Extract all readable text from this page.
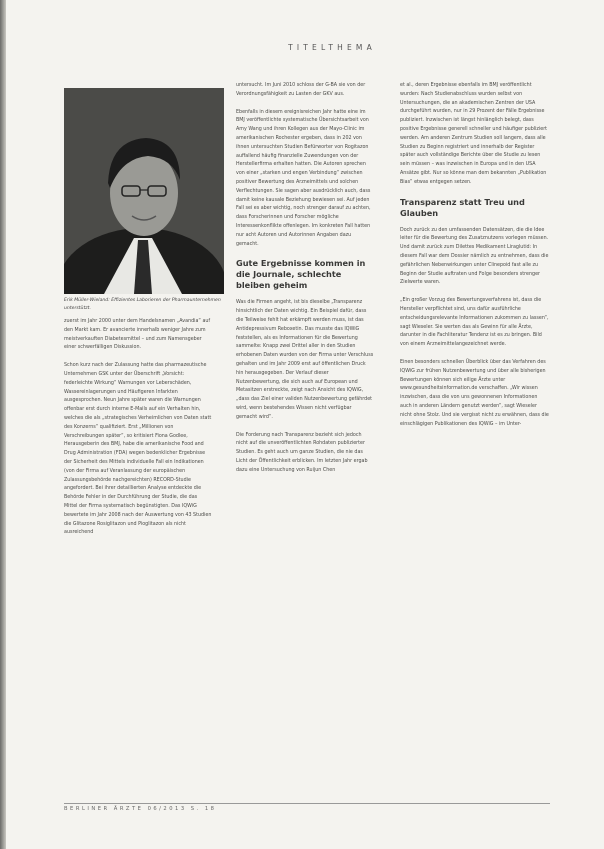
TITELTHEMA
Erik Müller-Wieland: Effizientes Laborieren der Pharmaunternehmen unterstützt.

zuerst im Jahr 2000 unter dem Handelsnamen „Avandia“ auf den Markt kam. Er avancierte innerhalb weniger Jahre zum meistverkauften Diabetesmittel – und zum Namensgeber einer schwerfälligen Diskussion.

Schon kurz nach der Zulassung hatte das pharmazeutische Unternehmen GSK unter der Überschrift „Vorsicht: federleichte Wirkung“ Warnungen vor Leberschäden, Wassereinlagerungen und Häufigeren Infarkten ausgesprochen. Neun Jahre später waren die Warnungen offenbar erst durch interne E-Mails auf ein Verhalten hin, welches die als „strategisches Verheimlichen von Daten statt des Konzerns“ qualifiziert. Erst „Millionen von Verschreibungen später“, so kritisiert Fiona Godlee, Herausgeberin des BMJ, habe die amerikanische Food and Drug Administration (FDA) wegen bedenklicher Ergebnisse der Sicherheit des Mittels individuelle Fall ein Indikationen (von der Firma auf Veranlassung der europäischen Zulassungsbehörde nachgereichten) RECORD-Studie angefordert. Bei ihrer detaillierten Analyse entdeckte die Behörde Fehler in der Durchführung der Studie, die das Mittel der Firma systematisch begünstigten. Das IQWiG bewertete im Jahr 2008 nach der Auswertung von 43 Studien die Glitazone Rosiglitazon und Pioglitazon als nicht ausreichend

untersucht. Im Juni 2010 schloss der G-BA sie von der Verordnungsfähigkeit zu Lasten der GKV aus.

Ebenfalls in diesem ereignisreichen Jahr hatte eine im BMJ veröffentlichte systematische Übersichtsarbeit von Amy Wang und ihren Kollegen aus der Mayo-Clinic im amerikanischen Rochester ergeben, dass in 202 von ihnen untersuchten Studien Befürworter von Rogitazon auffallend häufig finanzielle Zuwendungen von der Herstellerfirma erhalten hatten. Die Autoren sprechen von einer „starken und engen Verbindung“ zwischen positiver Bewertung des Arzneimittels und solchen Verflechtungen. Sie sagen aber ausdrücklich auch, dass damit keine kausale Beziehung bewiesen sei. Auf jeden Fall sei es aber wichtig, noch strenger darauf zu achten, dass Forscherinnen und Forscher mögliche Interessenkonflikte offenlegen. Im konkreten Fall hatten nur acht Autoren und Autorinnen Angaben dazu gemacht.

Gute Ergebnisse kommen in die Journale, schlechte bleiben geheim

Was die Firmen angeht, ist bis dieselbe „Transparenz hinsichtlich der Daten wichtig. Ein Beispiel dafür, dass die Teilweise fehlt hat erkämpft werden muss, ist das Antidepressivum Reboxetin. Das musste das IQWiG feststellen, als es Informationen für die Bewertung sammelte: Knapp zwei Drittel aller in den Studien erhobenen Daten wurden von der Firma unter Verschluss gehalten und im Jahr 2009 erst auf öffentlichen Druck hin herausgegeben. Der Verlauf dieser Nutzenbewertung, die sich auch auf European und Metasitzen erstreckte, zeigt nach Ansicht des IQWiG, „dass das Ziel einer validen Nutzenbewertung gefährdet wird, wenn bestehendes Wissen nicht verfügbar gemacht wird“.

Die Forderung nach Transparenz bezieht sich jedoch nicht auf die unveröffentlichten Rohdaten publizierter Studien. Es geht auch um ganze Studien, die nie das Licht der Öffentlichkeit erblicken. Im letzten Jahr ergab dazu eine Untersuchung von Ruijun Chen

et al., deren Ergebnisse ebenfalls im BMJ veröffentlicht wurden: Nach Studienabschluss wurden selbst von Untersuchungen, die an akademischen Zentren der USA durchgeführt wurden, nur in 29 Prozent der Fälle Ergebnisse publiziert. Inzwischen ist längst hinlänglich belegt, dass positive Ergebnisse generell schneller und häufiger publiziert werden. Am anderen Zentrum Studien soll langem, dass alle Studien zu Beginn registriert und innerhalb der Register später auch vollständige Berichte über die Studie zu lesen sein müssen – was inzwischen in Europa und in den USA Ansätze gibt. Nur so könne man dem bekannten „Publikation Bias“ etwas entgegen setzen.

Transparenz statt Treu und Glauben

Doch zurück zu den umfassenden Datensätzen, die die Idee leiter für die Bewertung des Zusatznutzens vorlegen müssen. Und damit zurück zum Dilettes Medikament Liraglutid: In diesem Fall war dem Dossier nämlich zu entnehmen, dass die gefährlichen Nebenwirkungen unter Clinepoid fast alle zu Beginn der Studie auftraten und Folge besonders strenger Zielwerte waren.

„Ein großer Vorzug des Bewertungsverfahrens ist, dass die Hersteller verpflichtet sind, uns dafür ausführliche entscheidungsrelevante Informationen zukommen zu lassen“, sagt Wieseler. Sie werten das als Gewinn für alle Ärzte, darunter in die Fachliteratur Tendenz ist es zu bringen. Bild von einem Arzneimittelangezeichnet werde.

Einen besonders schnellen Überblick über das Verfahren des IQWiG zur frühen Nutzenbewertung und über alle bisherigen Bewertungen können sich eilige Ärzte unter www.gesundheitsinformation.de verschaffen. „Wir wissen inzwischen, dass die von uns gewonnenen Informationen auch in anderen Ländern genutzt werden“, sagt Wieseler nicht ohne Stolz. Und sie vergisst nicht zu erwähnen, dass die einschlägigen Publikationen des IQWiG – im Unter-

BERLINER ÄRZTE 06/2013 S. 18
